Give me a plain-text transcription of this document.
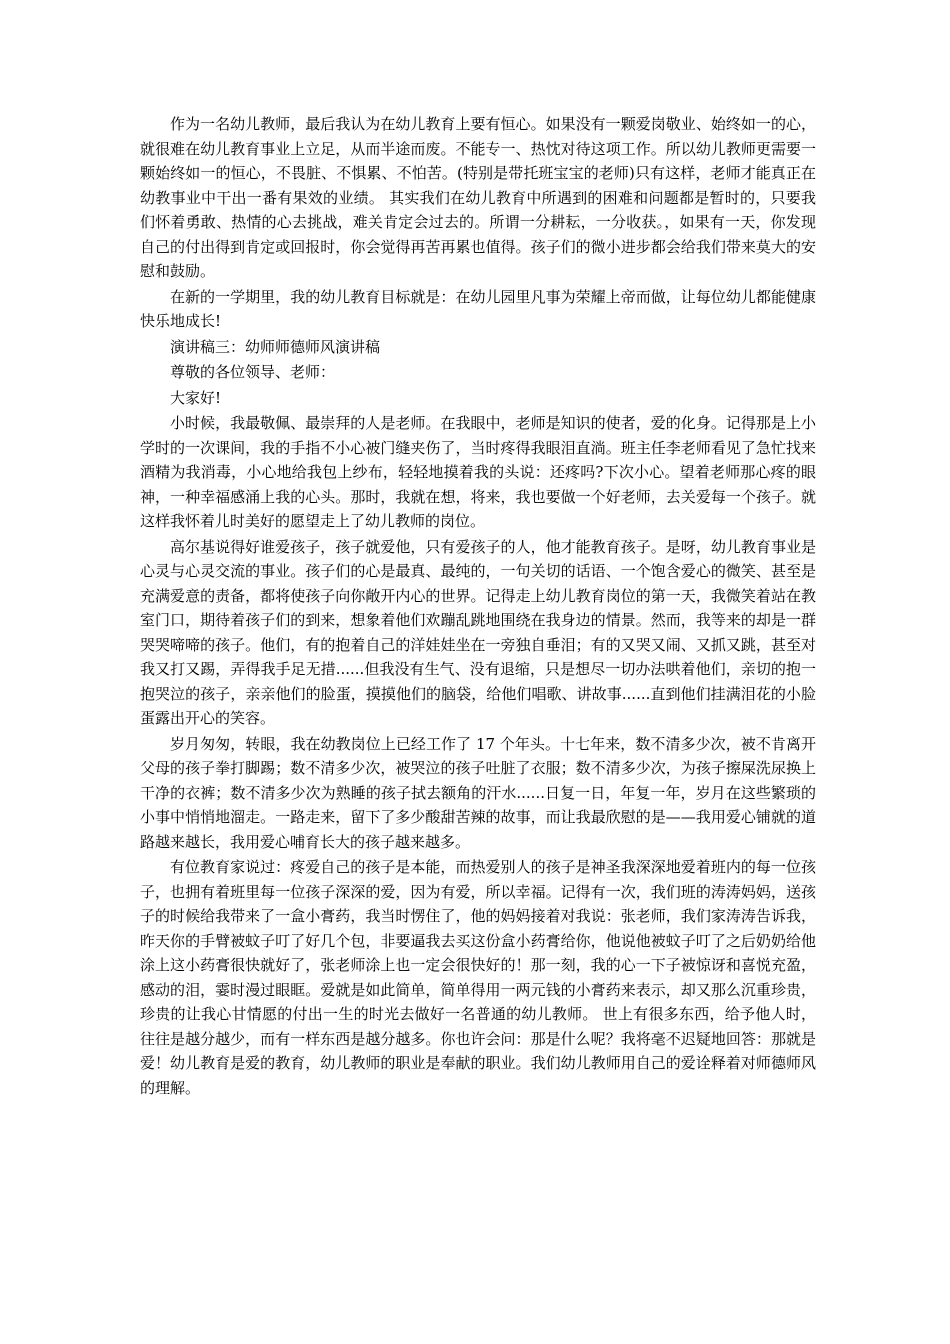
作为一名幼儿教师，最后我认为在幼儿教育上要有恒心。如果没有一颗爱岗敬业、始终如一的心，就很难在幼儿教育事业上立足，从而半途而废。不能专一、热忱对待这项工作。所以幼儿教师更需要一颗始终如一的恒心，不畏脏、不惧累、不怕苦。(特别是带托班宝宝的老师)只有这样，老师才能真正在幼教事业中干出一番有果效的业绩。 其实我们在幼儿教育中所遇到的困难和问题都是暂时的，只要我们怀着勇敢、热情的心去挑战，难关肯定会过去的。所谓一分耕耘，一分收获。，如果有一天，你发现自己的付出得到肯定或回报时，你会觉得再苦再累也值得。孩子们的微小进步都会给我们带来莫大的安慰和鼓励。

在新的一学期里，我的幼儿教育目标就是：在幼儿园里凡事为荣耀上帝而做，让每位幼儿都能健康快乐地成长!

演讲稿三：幼师师德师风演讲稿

尊敬的各位领导、老师：

大家好!

小时候，我最敬佩、最崇拜的人是老师。在我眼中，老师是知识的使者，爱的化身。记得那是上小学时的一次课间，我的手指不小心被门缝夹伤了，当时疼得我眼泪直淌。班主任李老师看见了急忙找来酒精为我消毒，小心地给我包上纱布，轻轻地摸着我的头说：还疼吗?下次小心。望着老师那心疼的眼神，一种幸福感涌上我的心头。那时，我就在想，将来，我也要做一个好老师，去关爱每一个孩子。就这样我怀着儿时美好的愿望走上了幼儿教师的岗位。

高尔基说得好谁爱孩子，孩子就爱他，只有爱孩子的人，他才能教育孩子。是呀，幼儿教育事业是心灵与心灵交流的事业。孩子们的心是最真、最纯的，一句关切的话语、一个饱含爱心的微笑、甚至是充满爱意的责备，都将使孩子向你敞开内心的世界。记得走上幼儿教育岗位的第一天，我微笑着站在教室门口，期待着孩子们的到来，想象着他们欢蹦乱跳地围绕在我身边的情景。然而，我等来的却是一群哭哭啼啼的孩子。他们，有的抱着自己的洋娃娃坐在一旁独自垂泪；有的又哭又闹、又抓又跳，甚至对我又打又踢，弄得我手足无措......但我没有生气、没有退缩，只是想尽一切办法哄着他们，亲切的抱一抱哭泣的孩子，亲亲他们的脸蛋，摸摸他们的脑袋，给他们唱歌、讲故事......直到他们挂满泪花的小脸蛋露出开心的笑容。

岁月匆匆，转眼，我在幼教岗位上已经工作了 17 个年头。十七年来，数不清多少次，被不肯离开父母的孩子拳打脚踢；数不清多少次，被哭泣的孩子吐脏了衣服；数不清多少次，为孩子擦屎洗尿换上干净的衣裤；数不清多少次为熟睡的孩子拭去额角的汗水......日复一日，年复一年，岁月在这些繁琐的小事中悄悄地溜走。一路走来，留下了多少酸甜苦辣的故事，而让我最欣慰的是——我用爱心铺就的道路越来越长，我用爱心哺育长大的孩子越来越多。

有位教育家说过：疼爱自己的孩子是本能，而热爱别人的孩子是神圣我深深地爱着班内的每一位孩子，也拥有着班里每一位孩子深深的爱，因为有爱，所以幸福。记得有一次，我们班的涛涛妈妈，送孩子的时候给我带来了一盒小膏药，我当时愣住了，他的妈妈接着对我说：张老师，我们家涛涛告诉我，昨天你的手臂被蚊子叮了好几个包，非要逼我去买这份盒小药膏给你，他说他被蚊子叮了之后奶奶给他涂上这小药膏很快就好了，张老师涂上也一定会很快好的！那一刻，我的心一下子被惊讶和喜悦充盈，感动的泪，霎时漫过眼眶。爱就是如此简单，简单得用一两元钱的小膏药来表示，却又那么沉重珍贵，珍贵的让我心甘情愿的付出一生的时光去做好一名普通的幼儿教师。 世上有很多东西，给予他人时，往往是越分越少，而有一样东西是越分越多。你也许会问：那是什么呢？我将毫不迟疑地回答：那就是爱！幼儿教育是爱的教育，幼儿教师的职业是奉献的职业。我们幼儿教师用自己的爱诠释着对师德师风的理解。
